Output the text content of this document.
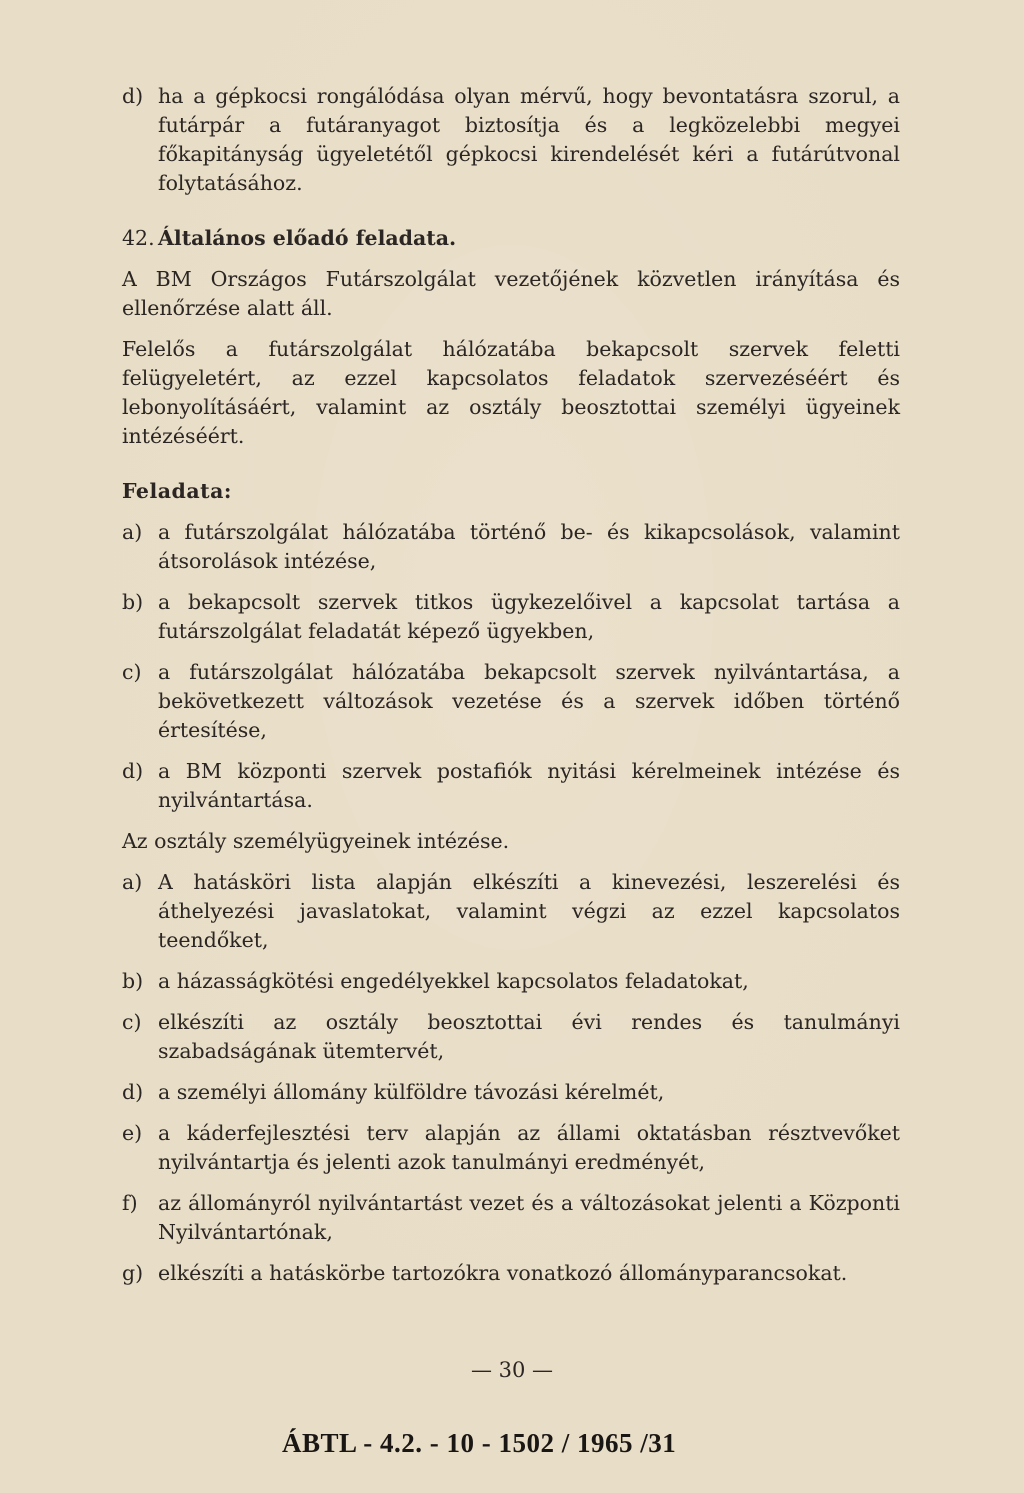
d) ha a gépkocsi rongálódása olyan mérvű, hogy bevontatásra szorul, a futárpár a futáranyagot biztosítja és a legközelebbi megyei főkapitányság ügyeletétől gépkocsi kirendelését kéri a futárútvonal folytatásához.
42. Általános előadó feladata.

A BM Országos Futárszolgálat vezetőjének közvetlen irányítása és ellenőrzése alatt áll.

Felelős a futárszolgálat hálózatába bekapcsolt szervek feletti felügyeletért, az ezzel kapcsolatos feladatok szervezéséért és lebonyolításáért, valamint az osztály beosztottai személyi ügyeinek intézéséért.

Feladata:
a) a futárszolgálat hálózatába történő be- és kikapcsolások, valamint átsorolások intézése,
b) a bekapcsolt szervek titkos ügykezelőivel a kapcsolat tartása a futárszolgálat feladatát képező ügyekben,
c) a futárszolgálat hálózatába bekapcsolt szervek nyilvántartása, a bekövetkezett változások vezetése és a szervek időben történő értesítése,
d) a BM központi szervek postafiók nyitási kérelmeinek intézése és nyilvántartása.

Az osztály személyügyeinek intézése.

a) A hatásköri lista alapján elkészíti a kinevezési, leszerelési és áthelyezési javaslatokat, valamint végzi az ezzel kapcsolatos teendőket,
b) a házasságkötési engedélyekkel kapcsolatos feladatokat,
c) elkészíti az osztály beosztottai évi rendes és tanulmányi szabadságának ütemtervét,
d) a személyi állomány külföldre távozási kérelmét,
e) a káderfejlesztési terv alapján az állami oktatásban résztvevőket nyilvántartja és jelenti azok tanulmányi eredményét,
f) az állományról nyilvántartást vezet és a változásokat jelenti a Központi Nyilvántartónak,
g) elkészíti a hatáskörbe tartozókra vonatkozó állományparancsokat.
— 30 —
ÁBTL - 4.2. - 10 - 1502 / 1965 /31
